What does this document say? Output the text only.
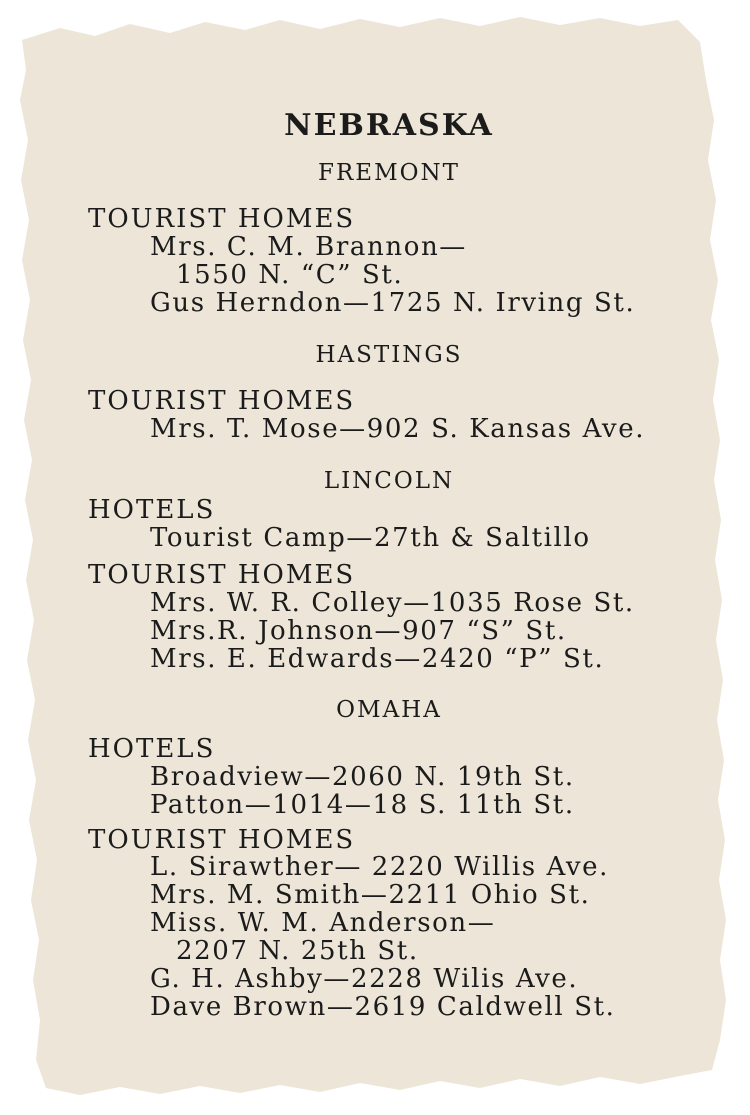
NEBRASKA
FREMONT
TOURIST HOMES
Mrs. C. M. Brannon—
1550 N. “C” St.
Gus Herndon—1725 N. Irving St.
HASTINGS
TOURIST HOMES
Mrs. T. Mose—902 S. Kansas Ave.
LINCOLN
HOTELS
Tourist Camp—27th & Saltillo
TOURIST HOMES
Mrs. W. R. Colley—1035 Rose St.
Mrs.R. Johnson—907 “S” St.
Mrs. E. Edwards—2420 “P” St.
OMAHA
HOTELS
Broadview—2060 N. 19th St.
Patton—1014—18 S. 11th St.
TOURIST HOMES
L. Sirawther— 2220 Willis Ave.
Mrs. M. Smith—2211 Ohio St.
Miss. W. M. Anderson—
2207 N. 25th St.
G. H. Ashby—2228 Wilis Ave.
Dave Brown—2619 Caldwell St.
